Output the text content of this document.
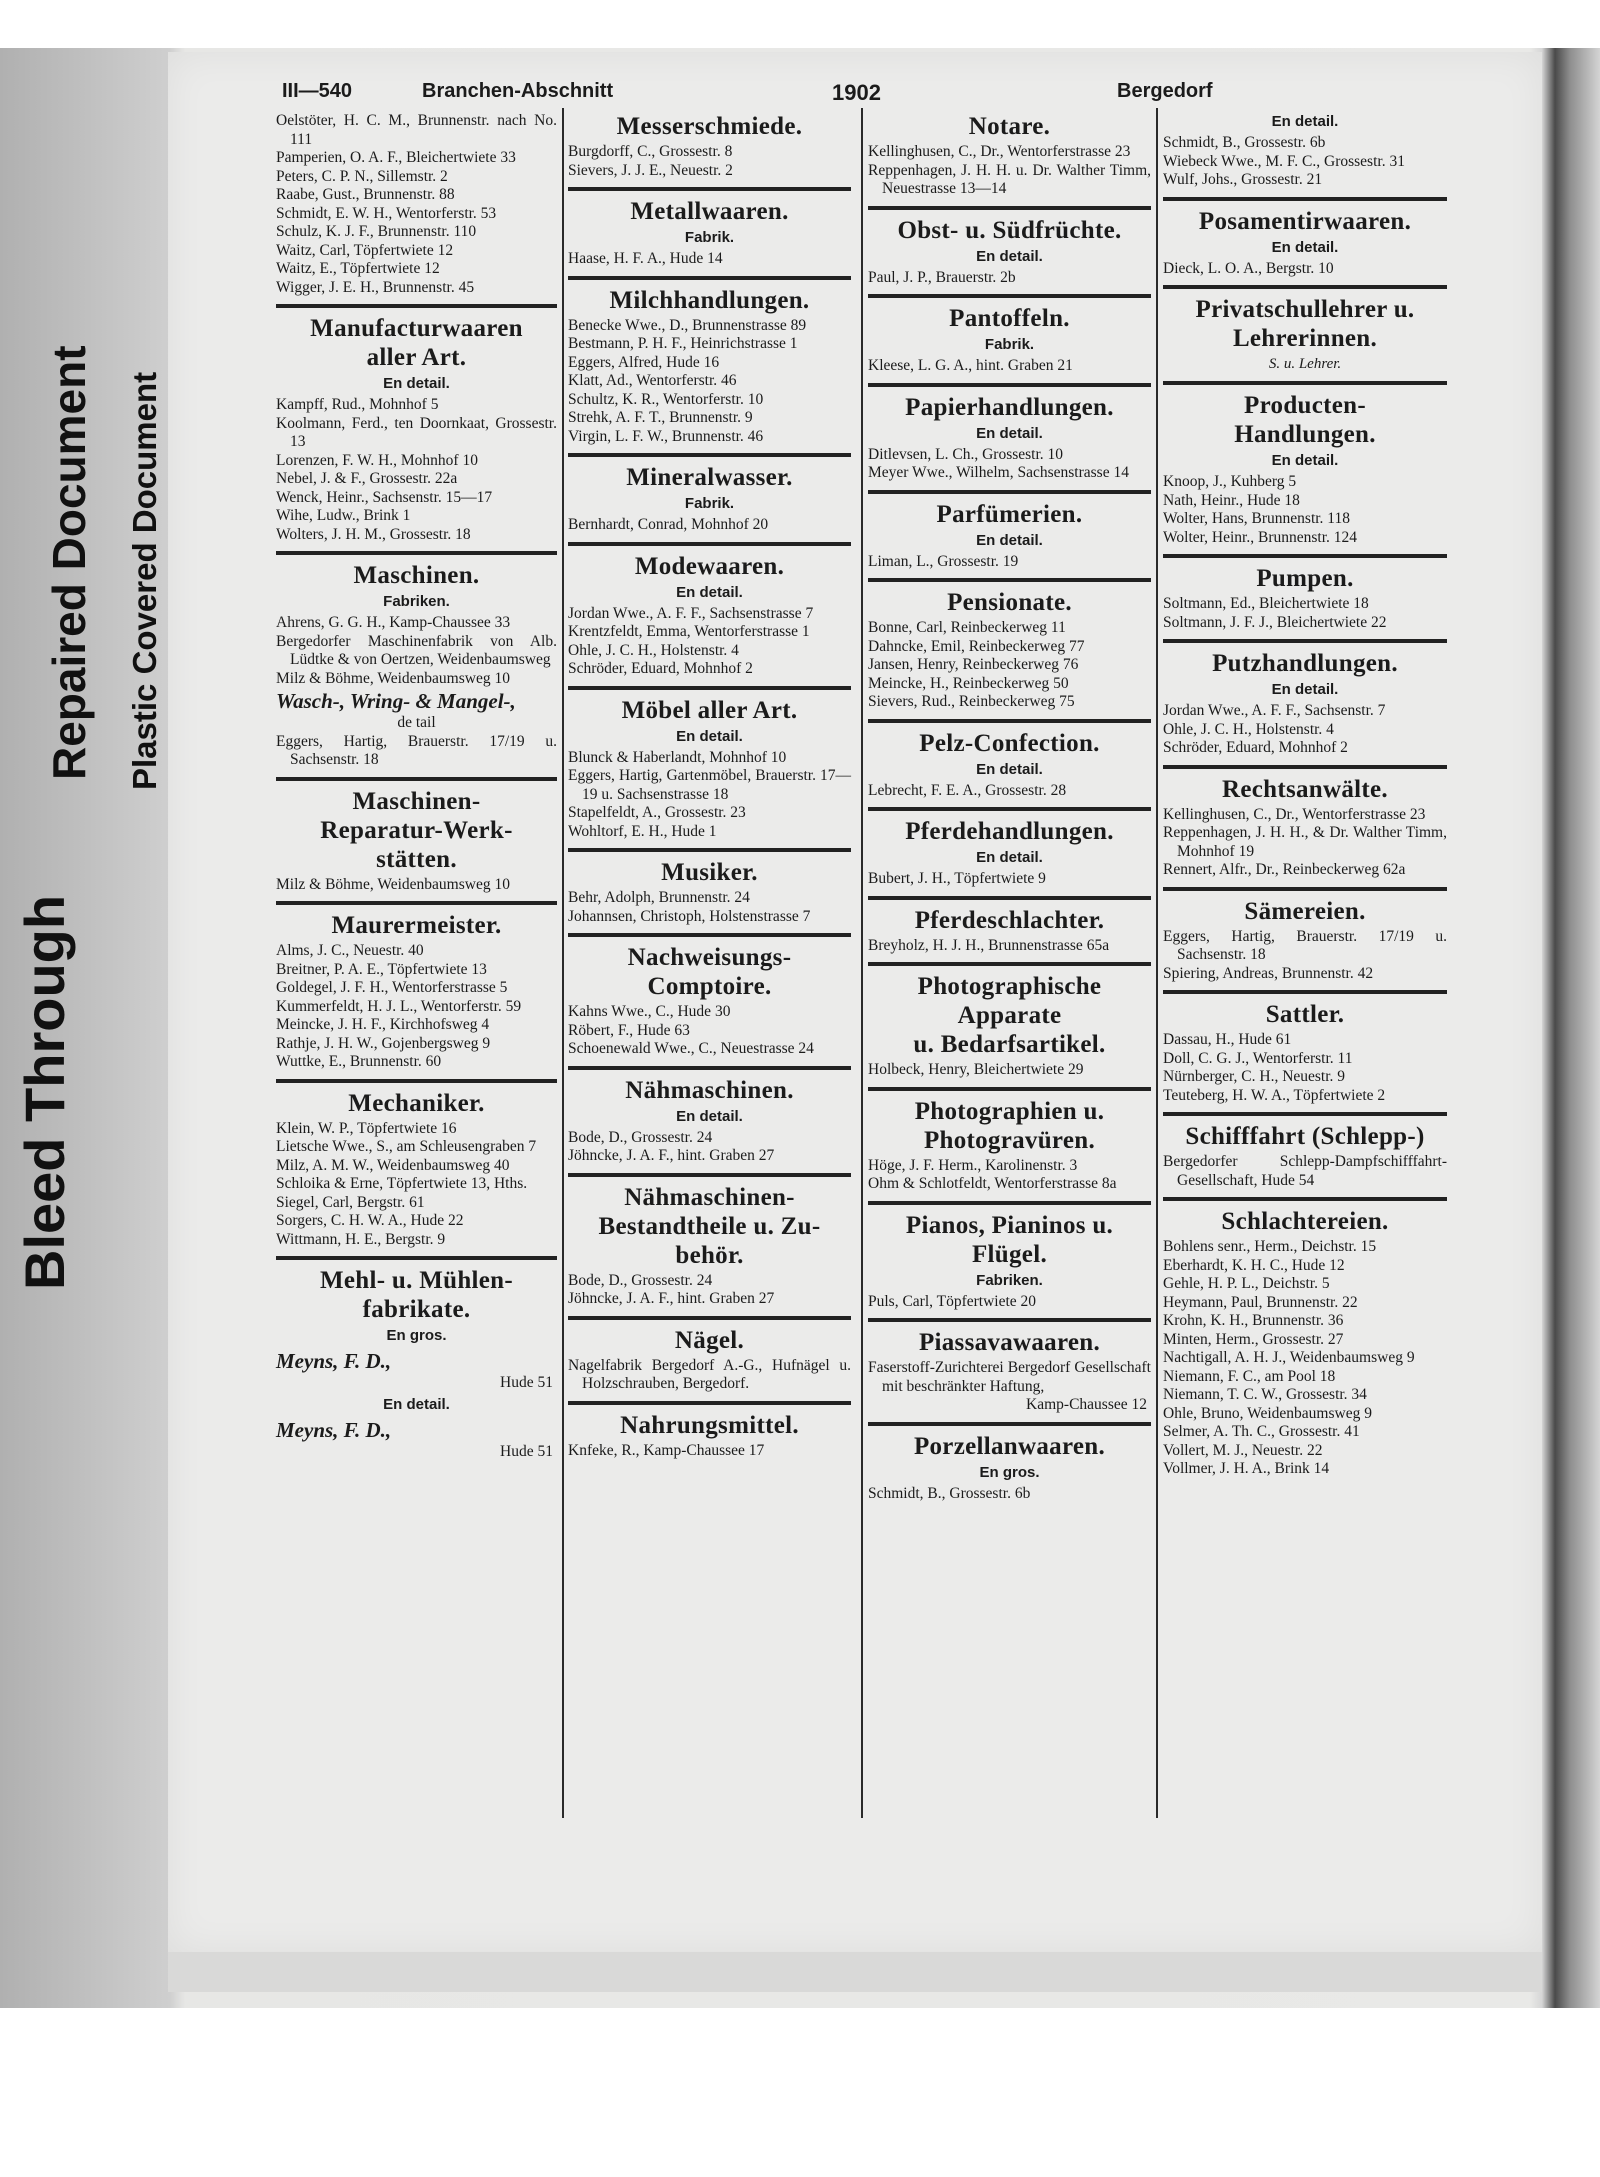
Bleed Through
Repaired Document Plastic Covered Document
III—540	Branchen-Abschnitt	1902	Bergedorf
Oelstöter, H. C. M., Brunnenstr. nach No. 111
Pamperien, O. A. F., Bleichertwiete 33
Peters, C. P. N., Sillemstr. 2
Raabe, Gust., Brunnenstr. 88
Schmidt, E. W. H., Wentorferstr. 53
Schulz, K. J. F., Brunnenstr. 110
Waitz, Carl, Töpfertwiete 12
Waitz, E., Töpfertwiete 12
Wigger, J. E. H., Brunnenstr. 45
Manufacturwaaren
aller Art.
En detail.
Kampff, Rud., Mohnhof 5
Koolmann, Ferd., ten Doornkaat, Grossestr. 13
Lorenzen, F. W. H., Mohnhof 10
Nebel, J. & F., Grossestr. 22a
Wenck, Heinr., Sachsenstr. 15—17
Wihe, Ludw., Brink 1
Wolters, J. H. M., Grossestr. 18
Maschinen.
Fabriken.
Ahrens, G. G. H., Kamp-Chaussee 33
Bergedorfer Maschinenfabrik von Alb. Lüdtke & von Oertzen, Weidenbaumsweg
Milz & Böhme, Weidenbaumsweg 10
Wasch-, Wring- & Mangel-,
de tail
Eggers, Hartig, Brauerstr. 17/19 u. Sachsenstr. 18
Maschinen-
Reparatur-Werk-
stätten.
Milz & Böhme, Weidenbaumsweg 10
Maurermeister.
Alms, J. C., Neuestr. 40
Breitner, P. A. E., Töpfertwiete 13
Goldegel, J. F. H., Wentorferstrasse 5
Kummerfeldt, H. J. L., Wentorferstr. 59
Meincke, J. H. F., Kirchhofsweg 4
Rathje, J. H. W., Gojenbergsweg 9
Wuttke, E., Brunnenstr. 60
Mechaniker.
Klein, W. P., Töpfertwiete 16
Lietsche Wwe., S., am Schleusengraben 7
Milz, A. M. W., Weidenbaumsweg 40
Schloika & Erne, Töpfertwiete 13, Hths.
Siegel, Carl, Bergstr. 61
Sorgers, C. H. W. A., Hude 22
Wittmann, H. E., Bergstr. 9
Mehl- u. Mühlen-
fabrikate.
En gros.
Meyns, F. D.,
Hude 51
En detail.
Meyns, F. D.,
Hude 51
Messerschmiede.
Burgdorff, C., Grossestr. 8
Sievers, J. J. E., Neuestr. 2
Metallwaaren.
Fabrik.
Haase, H. F. A., Hude 14
Milchhandlungen.
Benecke Wwe., D., Brunnenstrasse 89
Bestmann, P. H. F., Heinrichstrasse 1
Eggers, Alfred, Hude 16
Klatt, Ad., Wentorferstr. 46
Schultz, K. R., Wentorferstr. 10
Strehk, A. F. T., Brunnenstr. 9
Virgin, L. F. W., Brunnenstr. 46
Mineralwasser.
Fabrik.
Bernhardt, Conrad, Mohnhof 20
Modewaaren.
En detail.
Jordan Wwe., A. F. F., Sachsenstrasse 7
Krentzfeldt, Emma, Wentorferstrasse 1
Ohle, J. C. H., Holstenstr. 4
Schröder, Eduard, Mohnhof 2
Möbel aller Art.
En detail.
Blunck & Haberlandt, Mohnhof 10
Eggers, Hartig, Gartenmöbel, Brauerstr. 17—19 u. Sachsenstrasse 18
Stapelfeldt, A., Grossestr. 23
Wohltorf, E. H., Hude 1
Musiker.
Behr, Adolph, Brunnenstr. 24
Johannsen, Christoph, Holstenstrasse 7
Nachweisungs-
Comptoire.
Kahns Wwe., C., Hude 30
Röbert, F., Hude 63
Schoenewald Wwe., C., Neuestrasse 24
Nähmaschinen.
En detail.
Bode, D., Grossestr. 24
Jöhncke, J. A. F., hint. Graben 27
Nähmaschinen-
Bestandtheile u. Zu-
behör.
Bode, D., Grossestr. 24
Jöhncke, J. A. F., hint. Graben 27
Nägel.
Nagelfabrik Bergedorf A.-G., Hufnägel u. Holzschrauben, Bergedorf.
Nahrungsmittel.
Knfeke, R., Kamp-Chaussee 17
Notare.
Kellinghusen, C., Dr., Wentorferstrasse 23
Reppenhagen, J. H. H. u. Dr. Walther Timm, Neuestrasse 13—14
Obst- u. Südfrüchte.
En detail.
Paul, J. P., Brauerstr. 2b
Pantoffeln.
Fabrik.
Kleese, L. G. A., hint. Graben 21
Papierhandlungen.
En detail.
Ditlevsen, L. Ch., Grossestr. 10
Meyer Wwe., Wilhelm, Sachsenstrasse 14
Parfümerien.
En detail.
Liman, L., Grossestr. 19
Pensionate.
Bonne, Carl, Reinbeckerweg 11
Dahncke, Emil, Reinbeckerweg 77
Jansen, Henry, Reinbeckerweg 76
Meincke, H., Reinbeckerweg 50
Sievers, Rud., Reinbeckerweg 75
Pelz-Confection.
En detail.
Lebrecht, F. E. A., Grossestr. 28
Pferdehandlungen.
En detail.
Bubert, J. H., Töpfertwiete 9
Pferdeschlachter.
Breyholz, H. J. H., Brunnenstrasse 65a
Photographische
Apparate
u. Bedarfsartikel.
Holbeck, Henry, Bleichertwiete 29
Photographien u.
Photogravüren.
Höge, J. F. Herm., Karolinenstr. 3
Ohm & Schlotfeldt, Wentorferstrasse 8a
Pianos, Pianinos u.
Flügel.
Fabriken.
Puls, Carl, Töpfertwiete 20
Piassavawaaren.
Faserstoff-Zurichterei Bergedorf Gesellschaft mit beschränkter Haftung,
Kamp-Chaussee 12
Porzellanwaaren.
En gros.
Schmidt, B., Grossestr. 6b
En detail.
Schmidt, B., Grossestr. 6b
Wiebeck Wwe., M. F. C., Grossestr. 31
Wulf, Johs., Grossestr. 21
Posamentirwaaren.
En detail.
Dieck, L. O. A., Bergstr. 10
Privatschullehrer u.
Lehrerinnen.
S. u. Lehrer.
Producten-
Handlungen.
En detail.
Knoop, J., Kuhberg 5
Nath, Heinr., Hude 18
Wolter, Hans, Brunnenstr. 118
Wolter, Heinr., Brunnenstr. 124
Pumpen.
Soltmann, Ed., Bleichertwiete 18
Soltmann, J. F. J., Bleichertwiete 22
Putzhandlungen.
En detail.
Jordan Wwe., A. F. F., Sachsenstr. 7
Ohle, J. C. H., Holstenstr. 4
Schröder, Eduard, Mohnhof 2
Rechtsanwälte.
Kellinghusen, C., Dr., Wentorferstrasse 23
Reppenhagen, J. H. H., & Dr. Walther Timm, Mohnhof 19
Rennert, Alfr., Dr., Reinbeckerweg 62a
Sämereien.
Eggers, Hartig, Brauerstr. 17/19 u. Sachsenstr. 18
Spiering, Andreas, Brunnenstr. 42
Sattler.
Dassau, H., Hude 61
Doll, C. G. J., Wentorferstr. 11
Nürnberger, C. H., Neuestr. 9
Teuteberg, H. W. A., Töpfertwiete 2
Schifffahrt (Schlepp-)
Bergedorfer Schlepp-Dampfschifffahrt-Gesellschaft, Hude 54
Schlachtereien.
Bohlens senr., Herm., Deichstr. 15
Eberhardt, K. H. C., Hude 12
Gehle, H. P. L., Deichstr. 5
Heymann, Paul, Brunnenstr. 22
Krohn, K. H., Brunnenstr. 36
Minten, Herm., Grossestr. 27
Nachtigall, A. H. J., Weidenbaumsweg 9
Niemann, F. C., am Pool 18
Niemann, T. C. W., Grossestr. 34
Ohle, Bruno, Weidenbaumsweg 9
Selmer, A. Th. C., Grossestr. 41
Vollert, M. J., Neuestr. 22
Vollmer, J. H. A., Brink 14
